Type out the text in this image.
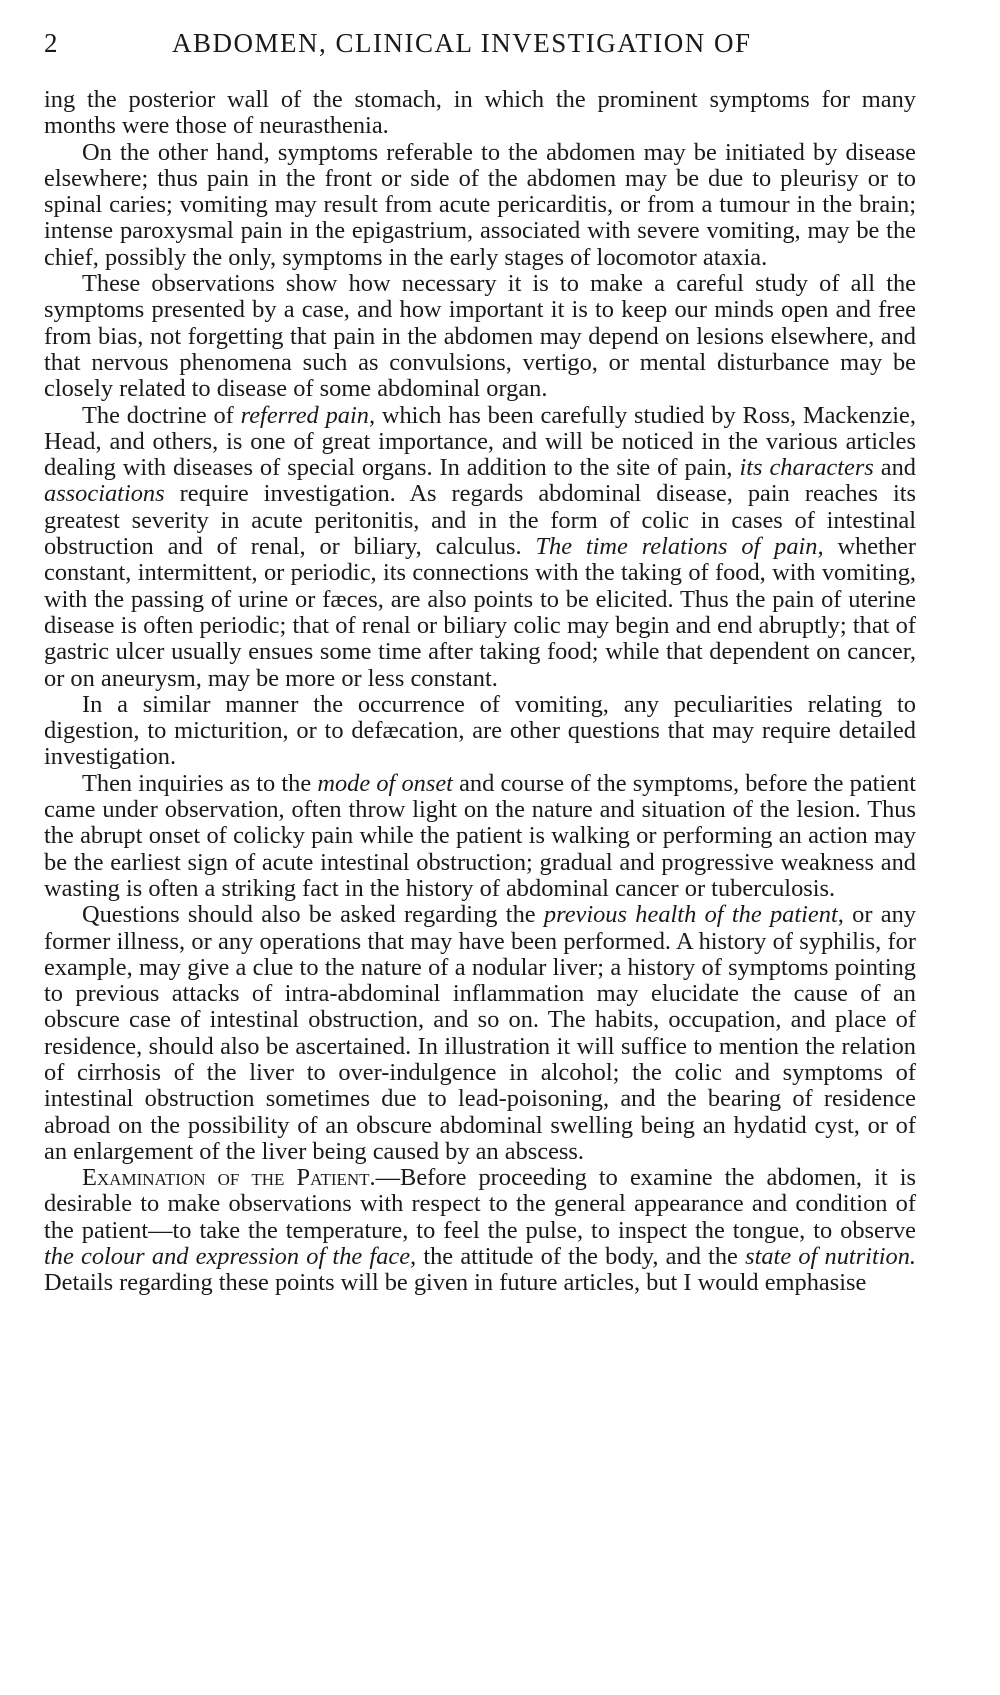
2	ABDOMEN, CLINICAL INVESTIGATION OF

ing the posterior wall of the stomach, in which the prominent symptoms for many months were those of neurasthenia.

On the other hand, symptoms referable to the abdomen may be initiated by disease elsewhere; thus pain in the front or side of the abdomen may be due to pleurisy or to spinal caries; vomiting may result from acute pericarditis, or from a tumour in the brain; intense paroxysmal pain in the epigastrium, associated with severe vomiting, may be the chief, possibly the only, symptoms in the early stages of locomotor ataxia.

These observations show how necessary it is to make a careful study of all the symptoms presented by a case, and how important it is to keep our minds open and free from bias, not forgetting that pain in the abdomen may depend on lesions elsewhere, and that nervous phenomena such as convulsions, vertigo, or mental disturbance may be closely related to disease of some abdominal organ.

The doctrine of referred pain, which has been carefully studied by Ross, Mackenzie, Head, and others, is one of great importance, and will be noticed in the various articles dealing with diseases of special organs. In addition to the site of pain, its characters and associations require investigation. As regards abdominal disease, pain reaches its greatest severity in acute peritonitis, and in the form of colic in cases of intestinal obstruction and of renal, or biliary, calculus. The time relations of pain, whether constant, intermittent, or periodic, its connections with the taking of food, with vomiting, with the passing of urine or fæces, are also points to be elicited. Thus the pain of uterine disease is often periodic; that of renal or biliary colic may begin and end abruptly; that of gastric ulcer usually ensues some time after taking food; while that dependent on cancer, or on aneurysm, may be more or less constant.

In a similar manner the occurrence of vomiting, any peculiarities relating to digestion, to micturition, or to defæcation, are other questions that may require detailed investigation.

Then inquiries as to the mode of onset and course of the symptoms, before the patient came under observation, often throw light on the nature and situation of the lesion. Thus the abrupt onset of colicky pain while the patient is walking or performing an action may be the earliest sign of acute intestinal obstruction; gradual and progressive weakness and wasting is often a striking fact in the history of abdominal cancer or tuberculosis.

Questions should also be asked regarding the previous health of the patient, or any former illness, or any operations that may have been performed. A history of syphilis, for example, may give a clue to the nature of a nodular liver; a history of symptoms pointing to previous attacks of intra-abdominal inflammation may elucidate the cause of an obscure case of intestinal obstruction, and so on. The habits, occupation, and place of residence, should also be ascertained. In illustration it will suffice to mention the relation of cirrhosis of the liver to over-indulgence in alcohol; the colic and symptoms of intestinal obstruction sometimes due to lead-poisoning, and the bearing of residence abroad on the possibility of an obscure abdominal swelling being an hydatid cyst, or of an enlargement of the liver being caused by an abscess.

Examination of the Patient.—Before proceeding to examine the abdomen, it is desirable to make observations with respect to the general appearance and condition of the patient—to take the temperature, to feel the pulse, to inspect the tongue, to observe the colour and expression of the face, the attitude of the body, and the state of nutrition. Details regarding these points will be given in future articles, but I would emphasise
